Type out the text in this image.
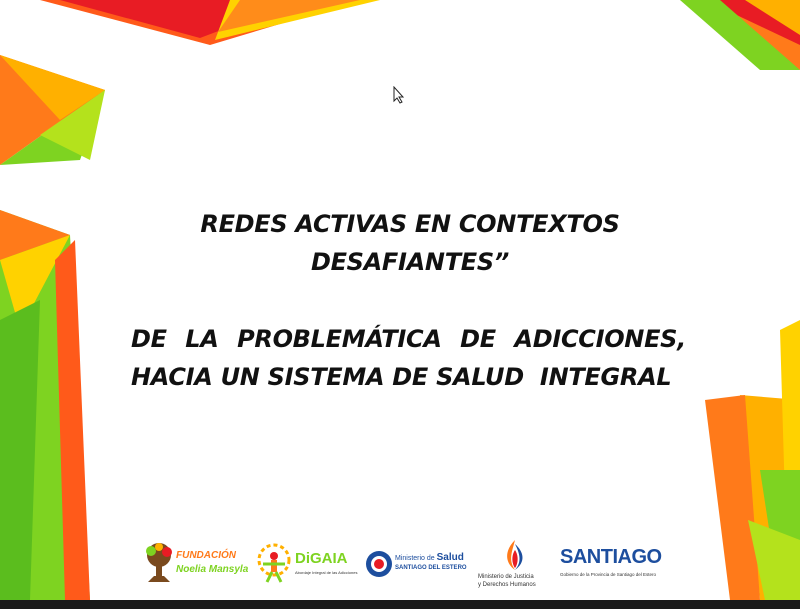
REDES ACTIVAS EN CONTEXTOS
DESAFIANTES”
DE LA PROBLEMÁTICA DE ADICCIONES,
HACIA UN SISTEMA DE SALUD  INTEGRAL
FUNDACIÓN
Noelia Mansyla
DiGAIA
Abordaje Integral de las Adicciones
Ministerio de Salud
SANTIAGO DEL ESTERO
Ministerio de Justicia
y Derechos Humanos
SANTIAGO
Gobierno de la Provincia de Santiago del Estero
